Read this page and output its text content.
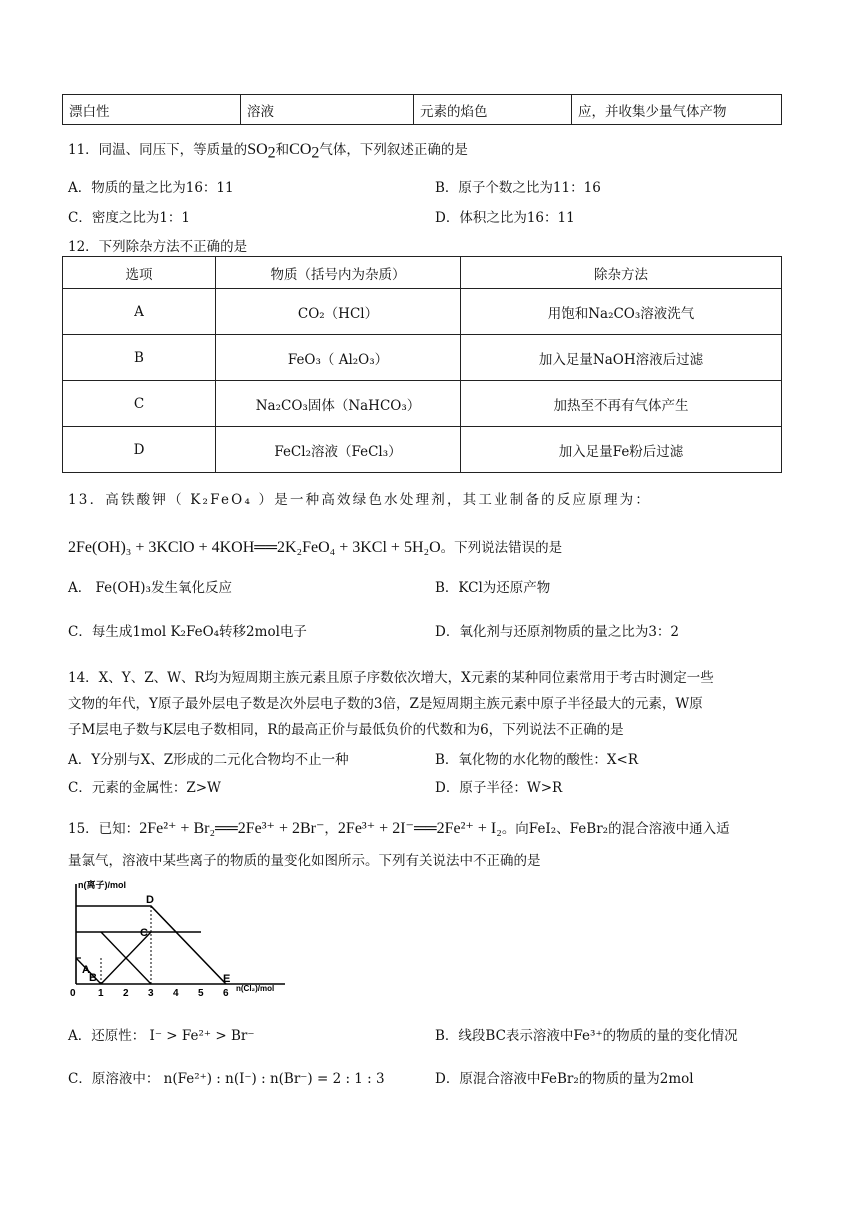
漂白性	溶液	元素的焰色	应，并收集少量气体产物
11．同温、同压下，等质量的$SO_2$和$CO_2$气体，下列叙述正确的是
A．物质的量之比为16：11	B．原子个数之比为11：16
C．密度之比为1：1	D．体积之比为16：11
12．下列除杂方法不正确的是
选项	物质（括号内为杂质）	除杂方法
A	CO₂（HCl）	用饱和Na₂CO₃溶液洗气
B	FeO₃（ Al₂O₃）	加入足量NaOH溶液后过滤
C	Na₂CO₃固体（NaHCO₃）	加热至不再有气体产生
D	FeCl₂溶液（FeCl₃）	加入足量Fe粉后过滤
13．高铁酸钾（ K₂FeO₄ ）是一种高效绿色水处理剂，其工业制备的反应原理为：
2Fe(OH)₃ + 3KClO + 4KOH══2K₂FeO₄ + 3KCl + 5H₂O。下列说法错误的是
A． Fe(OH)₃发生氧化反应	B．KCl为还原产物
C．每生成1mol K₂FeO₄转移2mol电子	D．氧化剂与还原剂物质的量之比为3：2
14．X、Y、Z、W、R均为短周期主族元素且原子序数依次增大，X元素的某种同位素常用于考古时测定一些
文物的年代，Y原子最外层电子数是次外层电子数的3倍，Z是短周期主族元素中原子半径最大的元素，W原
子M层电子数与K层电子数相同，R的最高正价与最低负价的代数和为6，下列说法不正确的是
A．Y分别与X、Z形成的二元化合物均不止一种	B．氧化物的水化物的酸性：X<R
C．元素的金属性：Z>W	D．原子半径：W>R
15．已知：2Fe²⁺ + Br₂══2Fe³⁺ + 2Br⁻，2Fe³⁺ + 2I⁻══2Fe²⁺ + I₂。向FeI₂、FeBr₂的混合溶液中通入适
量氯气，溶液中某些离子的物质的量变化如图所示。下列有关说法中不正确的是
n(离子)/mol
n(Cl₂)/mol
0 1 2 3 4 5 6
A
B
C
D
E
A．还原性： I⁻ > Fe²⁺ > Br⁻	B．线段BC表示溶液中Fe³⁺的物质的量的变化情况
C．原溶液中： n(Fe²⁺) : n(I⁻) : n(Br⁻) = 2 : 1 : 3	D．原混合溶液中FeBr₂的物质的量为2mol
